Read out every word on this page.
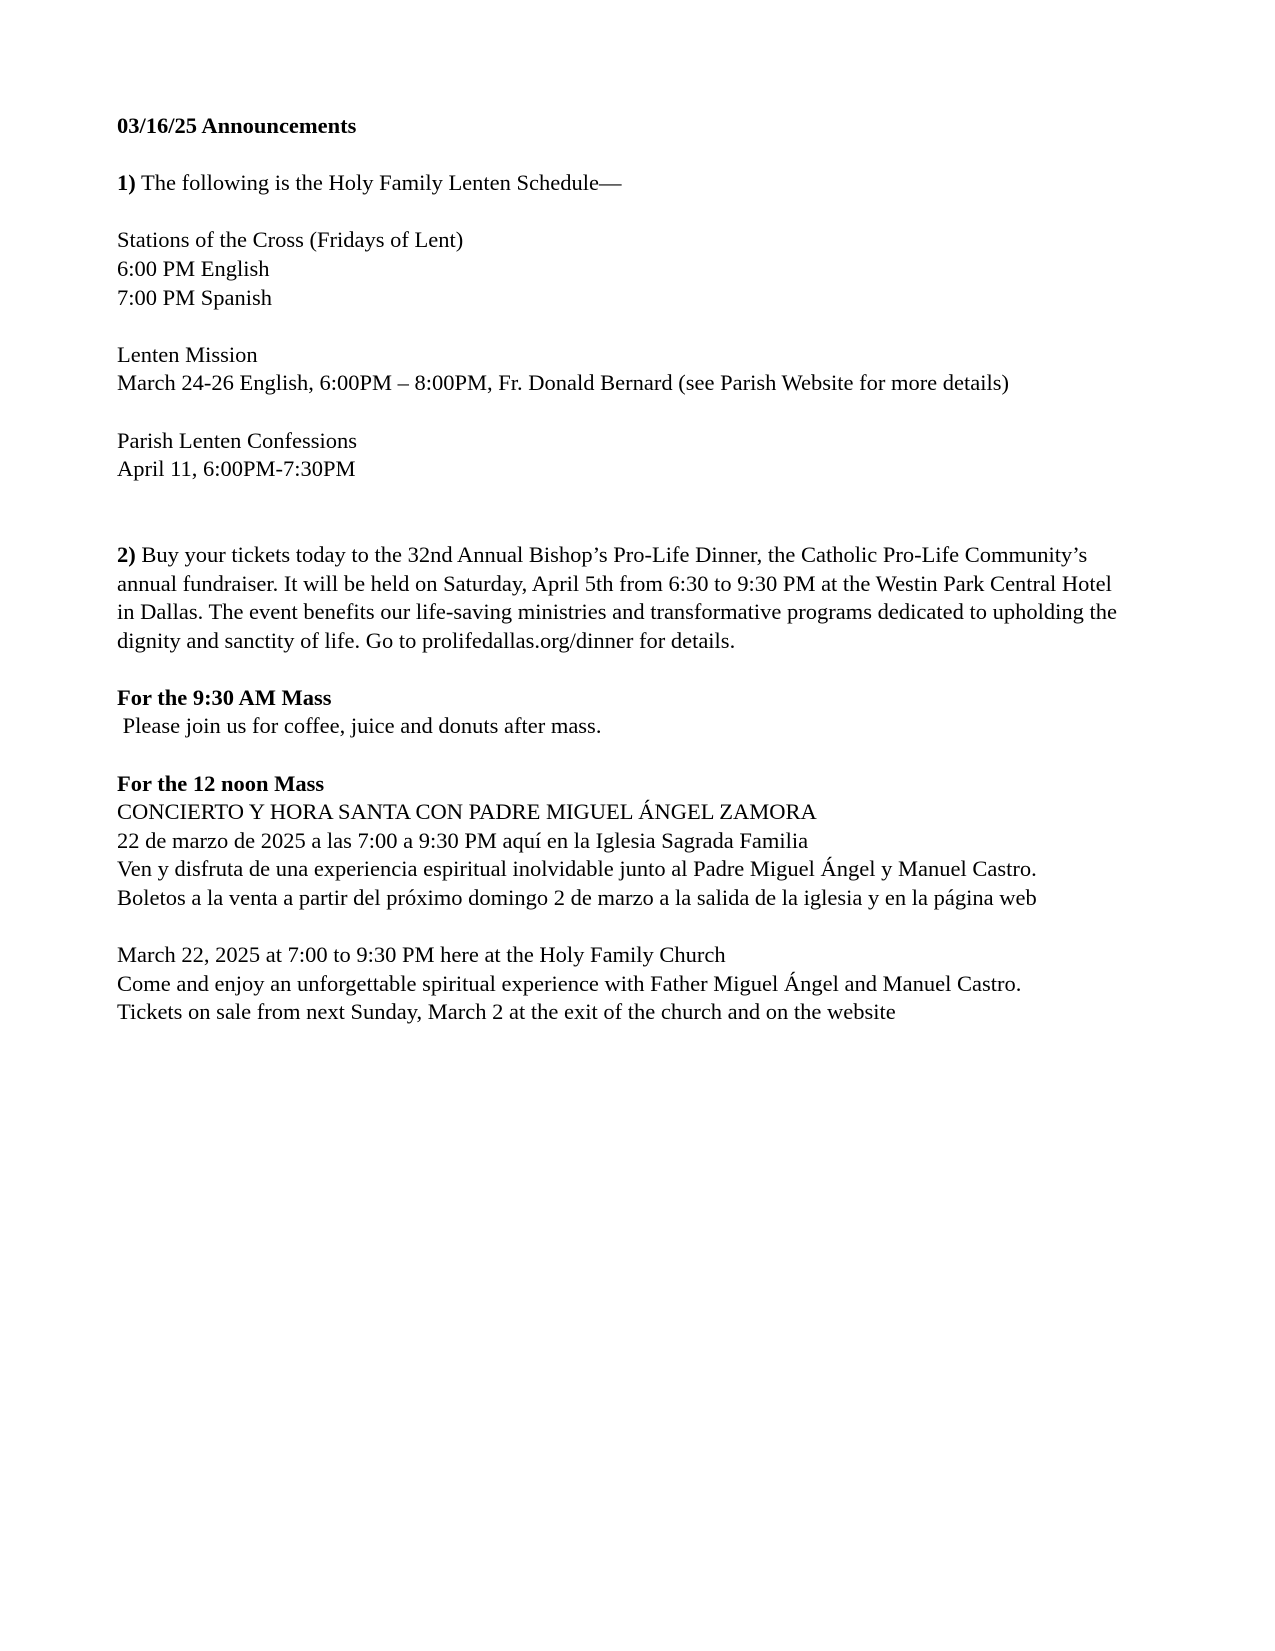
03/16/25 Announcements
1) The following is the Holy Family Lenten Schedule—
Stations of the Cross (Fridays of Lent)
6:00 PM English
7:00 PM Spanish
Lenten Mission
March 24-26 English, 6:00PM – 8:00PM, Fr. Donald Bernard (see Parish Website for more details)
Parish Lenten Confessions
April 11, 6:00PM-7:30PM
2) Buy your tickets today to the 32nd Annual Bishop’s Pro-Life Dinner, the Catholic Pro-Life Community’s annual fundraiser. It will be held on Saturday, April 5th from 6:30 to 9:30 PM at the Westin Park Central Hotel in Dallas. The event benefits our life-saving ministries and transformative programs dedicated to upholding the dignity and sanctity of life. Go to prolifedallas.org/dinner for details.
For the 9:30 AM Mass
Please join us for coffee, juice and donuts after mass.
For the 12 noon Mass
CONCIERTO Y HORA SANTA CON PADRE MIGUEL ÁNGEL ZAMORA
22 de marzo de 2025 a las 7:00 a 9:30 PM aquí en la Iglesia Sagrada Familia
Ven y disfruta de una experiencia espiritual inolvidable junto al Padre Miguel Ángel y Manuel Castro.
Boletos a la venta a partir del próximo domingo 2 de marzo a la salida de la iglesia y en la página web
March 22, 2025 at 7:00 to 9:30 PM here at the Holy Family Church
Come and enjoy an unforgettable spiritual experience with Father Miguel Ángel and Manuel Castro.
Tickets on sale from next Sunday, March 2 at the exit of the church and on the website
